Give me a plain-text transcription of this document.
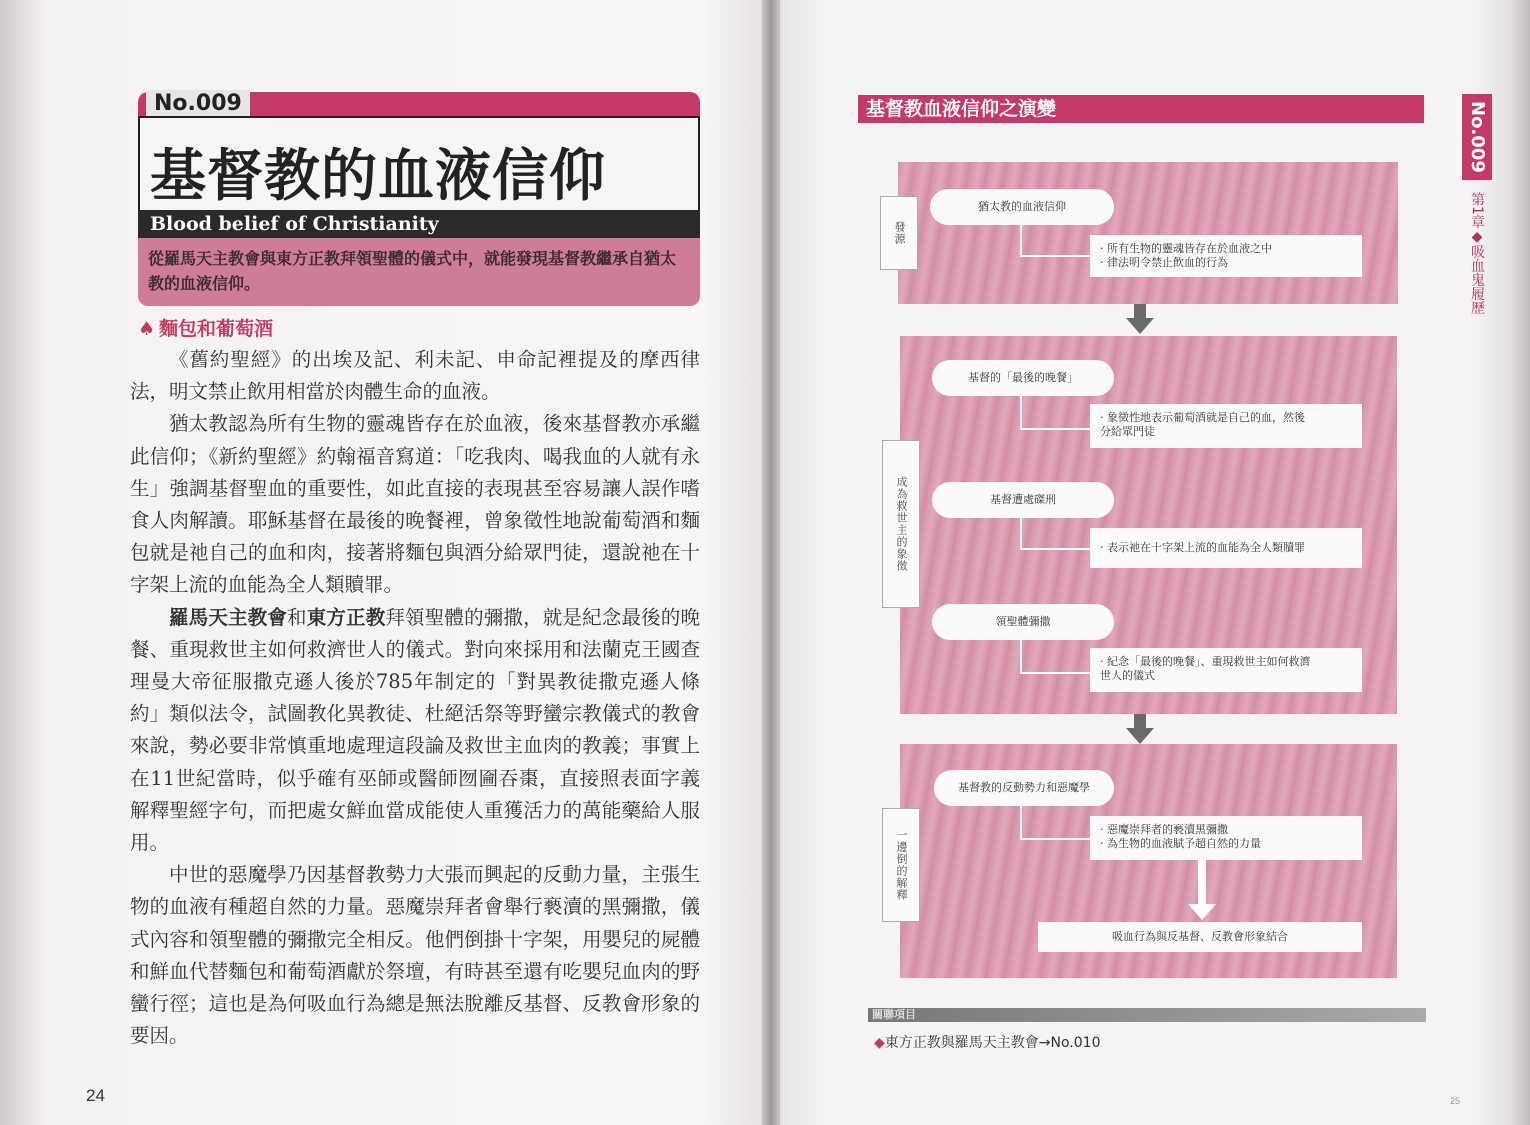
No.009
基督教的血液信仰
Blood belief of Christianity
從羅馬天主教會與東方正教拜領聖體的儀式中，就能發現基督教繼承自猶太教的血液信仰。
♠ 麵包和葡萄酒

《舊約聖經》的出埃及記、利未記、申命記裡提及的摩西律法，明文禁止飲用相當於肉體生命的血液。

猶太教認為所有生物的靈魂皆存在於血液，後來基督教亦承繼此信仰；《新約聖經》約翰福音寫道：「吃我肉、喝我血的人就有永生」強調基督聖血的重要性，如此直接的表現甚至容易讓人誤作嗜食人肉解讀。耶穌基督在最後的晚餐裡，曾象徵性地說葡萄酒和麵包就是祂自己的血和肉，接著將麵包與酒分給眾門徒，還說祂在十字架上流的血能為全人類贖罪。

羅馬天主教會和東方正教拜領聖體的彌撒，就是紀念最後的晚餐、重現救世主如何救濟世人的儀式。對向來採用和法蘭克王國查理曼大帝征服撒克遜人後於785年制定的「對異教徒撒克遜人條約」類似法令，試圖教化異教徒、杜絕活祭等野蠻宗教儀式的教會來說，勢必要非常慎重地處理這段論及救世主血肉的教義；事實上在11世紀當時，似乎確有巫師或醫師囫圇吞棗，直接照表面字義解釋聖經字句，而把處女鮮血當成能使人重獲活力的萬能藥給人服用。

中世的惡魔學乃因基督教勢力大張而興起的反動力量，主張生物的血液有種超自然的力量。惡魔崇拜者會舉行褻瀆的黑彌撒，儀式內容和領聖體的彌撒完全相反。他們倒掛十字架，用嬰兒的屍體和鮮血代替麵包和葡萄酒獻於祭壇，有時甚至還有吃嬰兒血肉的野蠻行徑；這也是為何吸血行為總是無法脫離反基督、反教會形象的要因。

24
基督教血液信仰之演變
發源
猶太教的血液信仰
· 所有生物的靈魂皆存在於血液之中
· 律法明令禁止飲血的行為
成為救世主的象徵
基督的「最後的晚餐」
· 象徵性地表示葡萄酒就是自己的血，然後
分給眾門徒
基督遭處磔刑
· 表示祂在十字架上流的血能為全人類贖罪
領聖體彌撒
· 紀念「最後的晚餐」、重現救世主如何救濟
世人的儀式
一邊倒的解釋
基督教的反動勢力和惡魔學
· 惡魔崇拜者的褻瀆黑彌撒
· 為生物的血液賦予超自然的力量
吸血行為與反基督、反教會形象結合
關聯項目
◆東方正教與羅馬天主教會→No.010
No.009
第1章◆吸血鬼履歷
25
